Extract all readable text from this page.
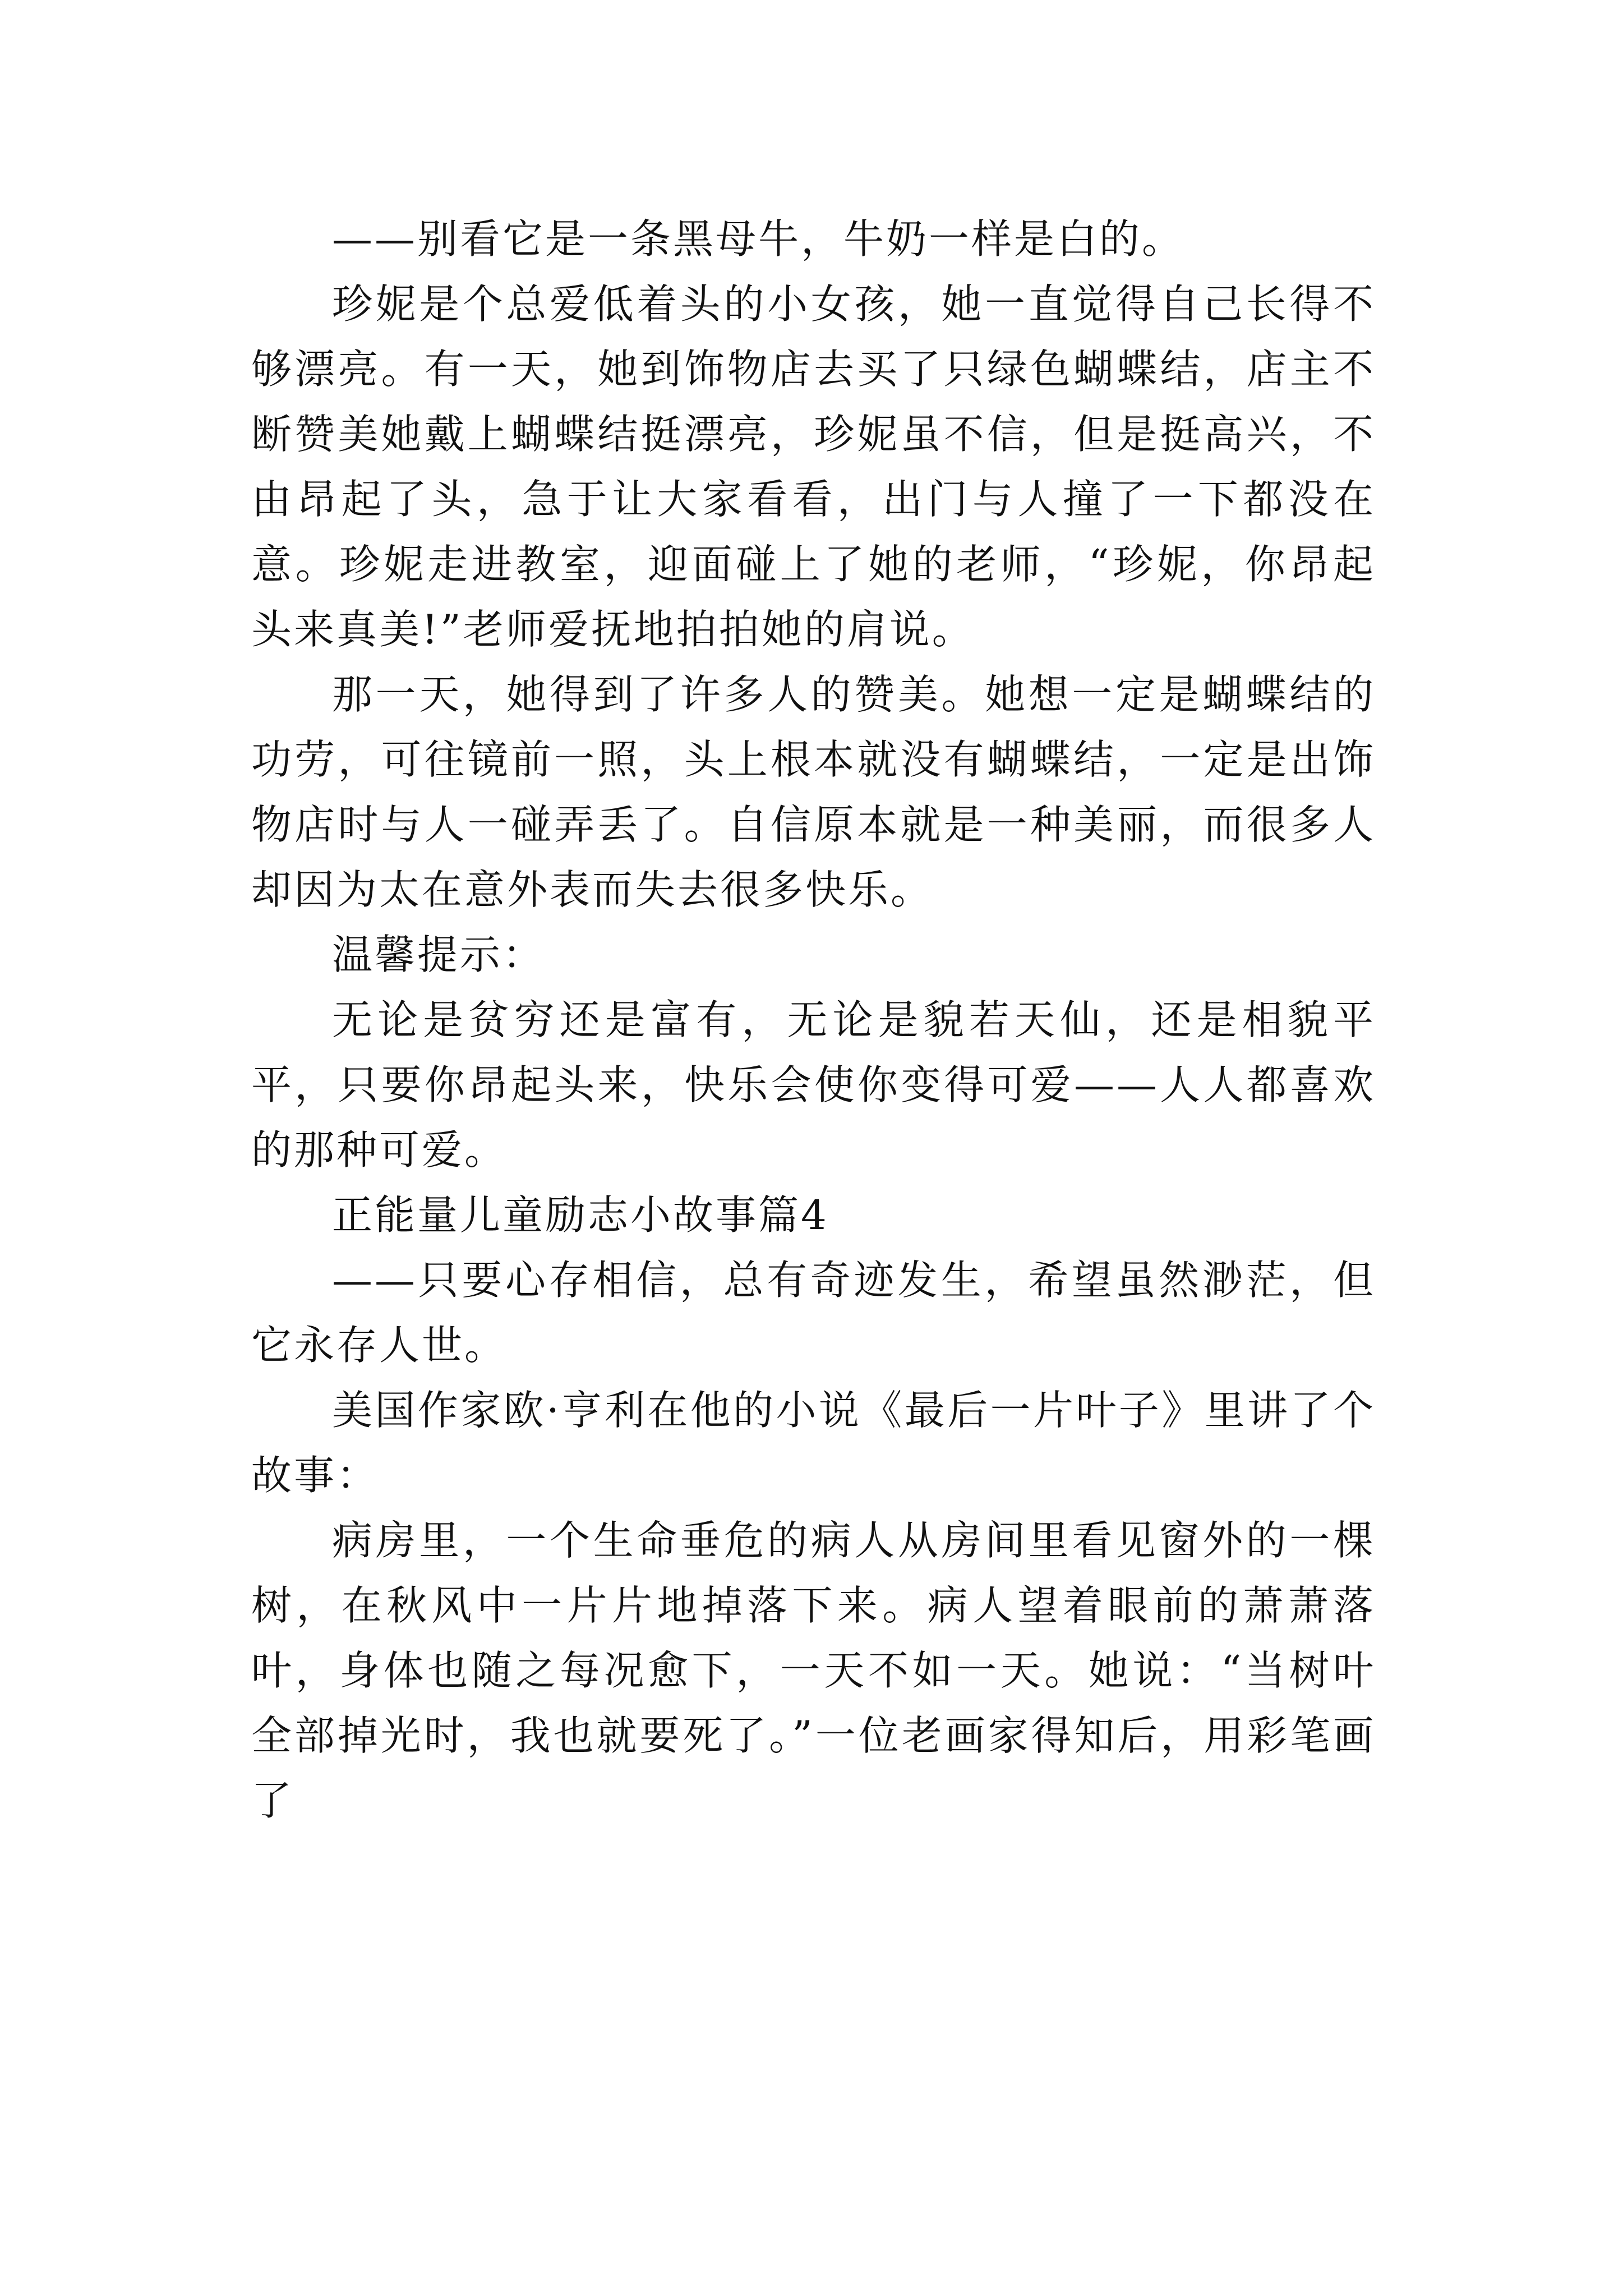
——别看它是一条黑母牛，牛奶一样是白的。

珍妮是个总爱低着头的小女孩，她一直觉得自己长得不够漂亮。有一天，她到饰物店去买了只绿色蝴蝶结，店主不断赞美她戴上蝴蝶结挺漂亮，珍妮虽不信，但是挺高兴，不由昂起了头，急于让大家看看，出门与人撞了一下都没在意。珍妮走进教室，迎面碰上了她的老师，“珍妮，你昂起头来真美!”老师爱抚地拍拍她的肩说。

那一天，她得到了许多人的赞美。她想一定是蝴蝶结的功劳，可往镜前一照，头上根本就没有蝴蝶结，一定是出饰物店时与人一碰弄丢了。自信原本就是一种美丽，而很多人却因为太在意外表而失去很多快乐。

温馨提示：

无论是贫穷还是富有，无论是貌若天仙，还是相貌平平，只要你昂起头来，快乐会使你变得可爱——人人都喜欢的那种可爱。

正能量儿童励志小故事篇4

——只要心存相信，总有奇迹发生，希望虽然渺茫，但它永存人世。

美国作家欧·亨利在他的小说《最后一片叶子》里讲了个故事：

病房里，一个生命垂危的病人从房间里看见窗外的一棵树，在秋风中一片片地掉落下来。病人望着眼前的萧萧落叶，身体也随之每况愈下，一天不如一天。她说：“当树叶全部掉光时，我也就要死了。”一位老画家得知后，用彩笔画了
